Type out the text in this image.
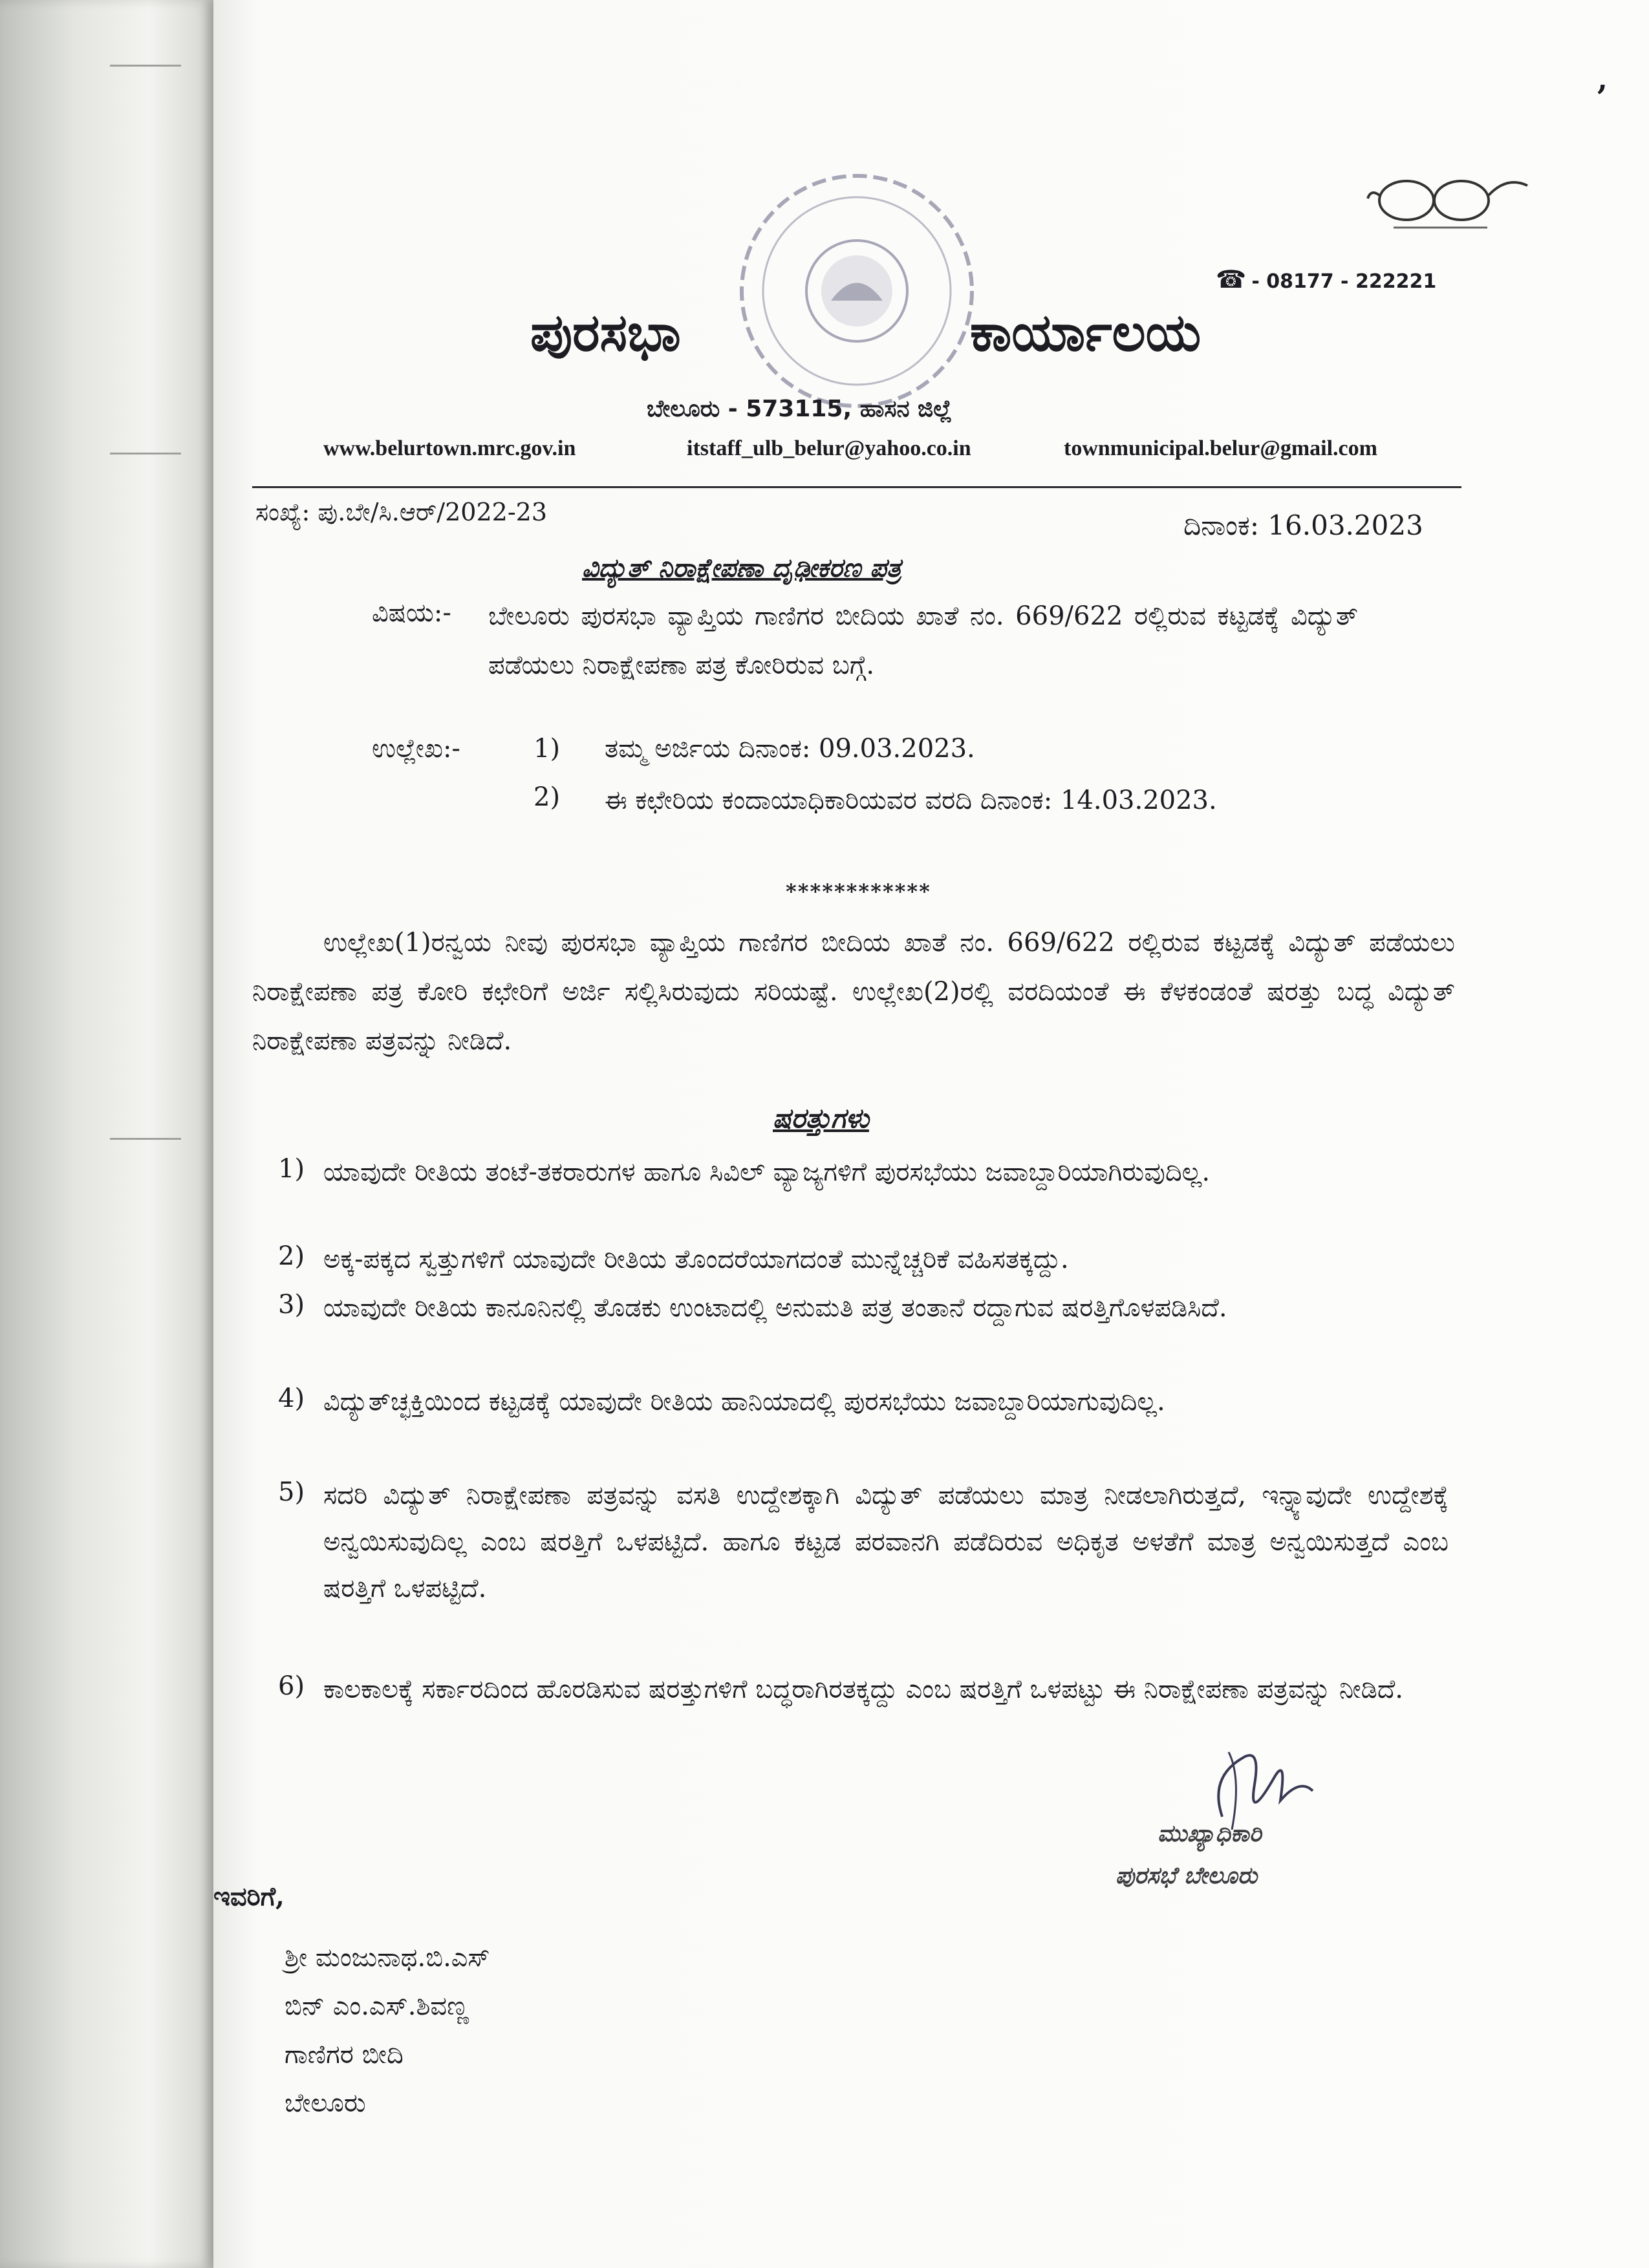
,
☎ - 08177 - 222221
ಪುರಸಭಾ	ಕಾರ್ಯಾಲಯ
ಬೇಲೂರು - 573115, ಹಾಸನ ಜಿಲ್ಲೆ
www.belurtown.mrc.gov.in	itstaff_ulb_belur@yahoo.co.in	townmunicipal.belur@gmail.com
ಸಂಖ್ಯೆ: ಪು.ಬೇ/ಸಿ.ಆರ್/2022-23	ದಿನಾಂಕ: 16.03.2023
ವಿದ್ಯುತ್ ನಿರಾಕ್ಷೇಪಣಾ ದೃಢೀಕರಣ ಪತ್ರ
ವಿಷಯ:- ಬೇಲೂರು ಪುರಸಭಾ ವ್ಯಾಪ್ತಿಯ ಗಾಣಿಗರ ಬೀದಿಯ ಖಾತೆ ನಂ. 669/622 ರಲ್ಲಿರುವ ಕಟ್ಟಡಕ್ಕೆ ವಿದ್ಯುತ್ ಪಡೆಯಲು ನಿರಾಕ್ಷೇಪಣಾ ಪತ್ರ ಕೋರಿರುವ ಬಗ್ಗೆ.
ಉಲ್ಲೇಖ:-	1) ತಮ್ಮ ಅರ್ಜಿಯ ದಿನಾಂಕ: 09.03.2023.
2) ಈ ಕಛೇರಿಯ ಕಂದಾಯಾಧಿಕಾರಿಯವರ ವರದಿ ದಿನಾಂಕ: 14.03.2023.
************
ಉಲ್ಲೇಖ(1)ರನ್ವಯ ನೀವು ಪುರಸಭಾ ವ್ಯಾಪ್ತಿಯ ಗಾಣಿಗರ ಬೀದಿಯ ಖಾತೆ ನಂ. 669/622 ರಲ್ಲಿರುವ ಕಟ್ಟಡಕ್ಕೆ ವಿದ್ಯುತ್ ಪಡೆಯಲು ನಿರಾಕ್ಷೇಪಣಾ ಪತ್ರ ಕೋರಿ ಕಛೇರಿಗೆ ಅರ್ಜಿ ಸಲ್ಲಿಸಿರುವುದು ಸರಿಯಷ್ಟೆ. ಉಲ್ಲೇಖ(2)ರಲ್ಲಿ ವರದಿಯಂತೆ ಈ ಕೆಳಕಂಡಂತೆ ಷರತ್ತು ಬದ್ಧ ವಿದ್ಯುತ್ ನಿರಾಕ್ಷೇಪಣಾ ಪತ್ರವನ್ನು ನೀಡಿದೆ.
ಷರತ್ತುಗಳು
1) ಯಾವುದೇ ರೀತಿಯ ತಂಟೆ-ತಕರಾರುಗಳ ಹಾಗೂ ಸಿವಿಲ್ ವ್ಯಾಜ್ಯಗಳಿಗೆ ಪುರಸಭೆಯು ಜವಾಬ್ದಾರಿಯಾಗಿರುವುದಿಲ್ಲ.
2) ಅಕ್ಕ-ಪಕ್ಕದ ಸ್ವತ್ತುಗಳಿಗೆ ಯಾವುದೇ ರೀತಿಯ ತೊಂದರೆಯಾಗದಂತೆ ಮುನ್ನೆಚ್ಚರಿಕೆ ವಹಿಸತಕ್ಕದ್ದು.
3) ಯಾವುದೇ ರೀತಿಯ ಕಾನೂನಿನಲ್ಲಿ ತೊಡಕು ಉಂಟಾದಲ್ಲಿ ಅನುಮತಿ ಪತ್ರ ತಂತಾನೆ ರದ್ದಾಗುವ ಷರತ್ತಿಗೊಳಪಡಿಸಿದೆ.
4) ವಿದ್ಯುತ್‌ಚ್ಛಕ್ತಿಯಿಂದ ಕಟ್ಟಡಕ್ಕೆ ಯಾವುದೇ ರೀತಿಯ ಹಾನಿಯಾದಲ್ಲಿ ಪುರಸಭೆಯು ಜವಾಬ್ದಾರಿಯಾಗುವುದಿಲ್ಲ.
5) ಸದರಿ ವಿದ್ಯುತ್ ನಿರಾಕ್ಷೇಪಣಾ ಪತ್ರವನ್ನು ವಸತಿ ಉದ್ದೇಶಕ್ಕಾಗಿ ವಿದ್ಯುತ್ ಪಡೆಯಲು ಮಾತ್ರ ನೀಡಲಾಗಿರುತ್ತದೆ, ಇನ್ನ್ಯಾವುದೇ ಉದ್ದೇಶಕ್ಕೆ ಅನ್ವಯಿಸುವುದಿಲ್ಲ ಎಂಬ ಷರತ್ತಿಗೆ ಒಳಪಟ್ಟಿದೆ. ಹಾಗೂ ಕಟ್ಟಡ ಪರವಾನಗಿ ಪಡೆದಿರುವ ಅಧಿಕೃತ ಅಳತೆಗೆ ಮಾತ್ರ ಅನ್ವಯಿಸುತ್ತದೆ ಎಂಬ ಷರತ್ತಿಗೆ ಒಳಪಟ್ಟಿದೆ.
6) ಕಾಲಕಾಲಕ್ಕೆ ಸರ್ಕಾರದಿಂದ ಹೊರಡಿಸುವ ಷರತ್ತುಗಳಿಗೆ ಬದ್ಧರಾಗಿರತಕ್ಕದ್ದು ಎಂಬ ಷರತ್ತಿಗೆ ಒಳಪಟ್ಟು ಈ ನಿರಾಕ್ಷೇಪಣಾ ಪತ್ರವನ್ನು ನೀಡಿದೆ.
ಮುಖ್ಯಾಧಿಕಾರಿ
ಪುರಸಭೆ ಬೇಲೂರು
ಇವರಿಗೆ,
ಶ್ರೀ ಮಂಜುನಾಥ.ಬಿ.ಎಸ್
ಬಿನ್ ಎಂ.ಎಸ್.ಶಿವಣ್ಣ
ಗಾಣಿಗರ ಬೀದಿ
ಬೇಲೂರು
